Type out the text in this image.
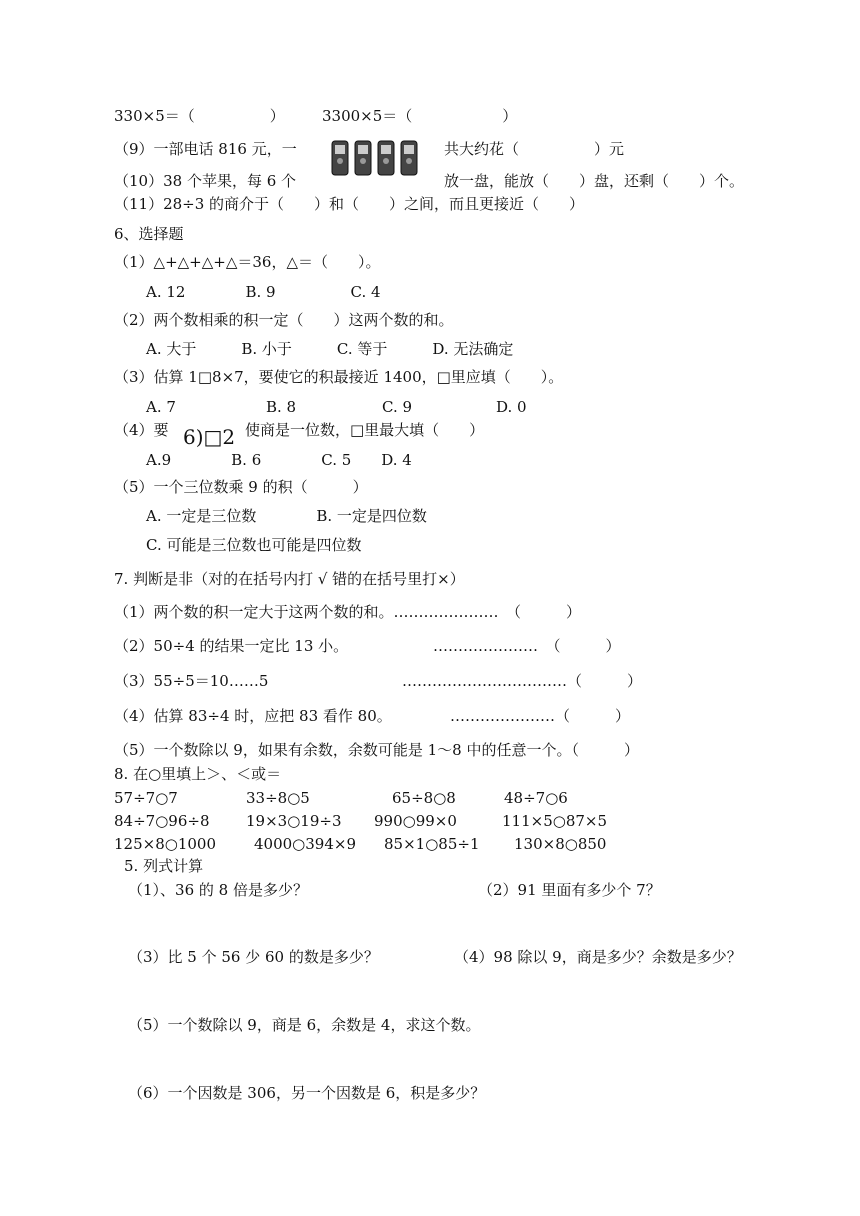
330×5＝（　　　　　） 3300×5＝（　　　　　　）
（9）一部电话 816 元，一	共大约花（　　　　　）元
（10）38 个苹果，每 6 个	放一盘，能放（　　）盘，还剩（　　）个。
（11）28÷3 的商介于（　　）和（　　）之间，而且更接近（　　）
6、选择题
（1）△+△+△+△＝36，△＝（　　）。
A. 12　　　　B. 9　　　　　C. 4
（2）两个数相乘的积一定（　　）这两个数的和。
A. 大于　　　B. 小于　　　C. 等于　　　D. 无法确定
（3）估算 1□8×7，要使它的积最接近 1400，□里应填（　　）。
A. 7	B. 8	C. 9	D. 0
（4）要 6)□2 使商是一位数，□里最大填（　　）
A.9　　　　B. 6　　　　C. 5　　D. 4
（5）一个三位数乘 9 的积（　　　）
A. 一定是三位数　　　　B. 一定是四位数
C. 可能是三位数也可能是四位数
7. 判断是非（对的在括号内打 √ 错的在括号里打×）
（1）两个数的积一定大于这两个数的和。…………………　（　　　）
（2）50÷4 的结果一定比 13 小。	…………………　（　　　）
（3）55÷5＝10……5	……………………………（　　　）
（4）估算 83÷4 时，应把 83 看作 80。	…………………（　　　）
（5）一个数除以 9，如果有余数，余数可能是 1～8 中的任意一个。（　　　）
8. 在○里填上＞、＜或＝
57÷7○7	33÷8○5	65÷8○8	48÷7○6
84÷7○96÷8 19×3○19÷3 990○99×0	111×5○87×5
125×8○1000	4000○394×9 85×1○85÷1 130×8○850
5. 列式计算
（1）、36 的 8 倍是多少？	（2）91 里面有多少个 7？
（3）比 5 个 56 少 60 的数是多少？	（4）98 除以 9，商是多少？余数是多少？
（5）一个数除以 9，商是 6，余数是 4，求这个数。
（6）一个因数是 306，另一个因数是 6，积是多少？
